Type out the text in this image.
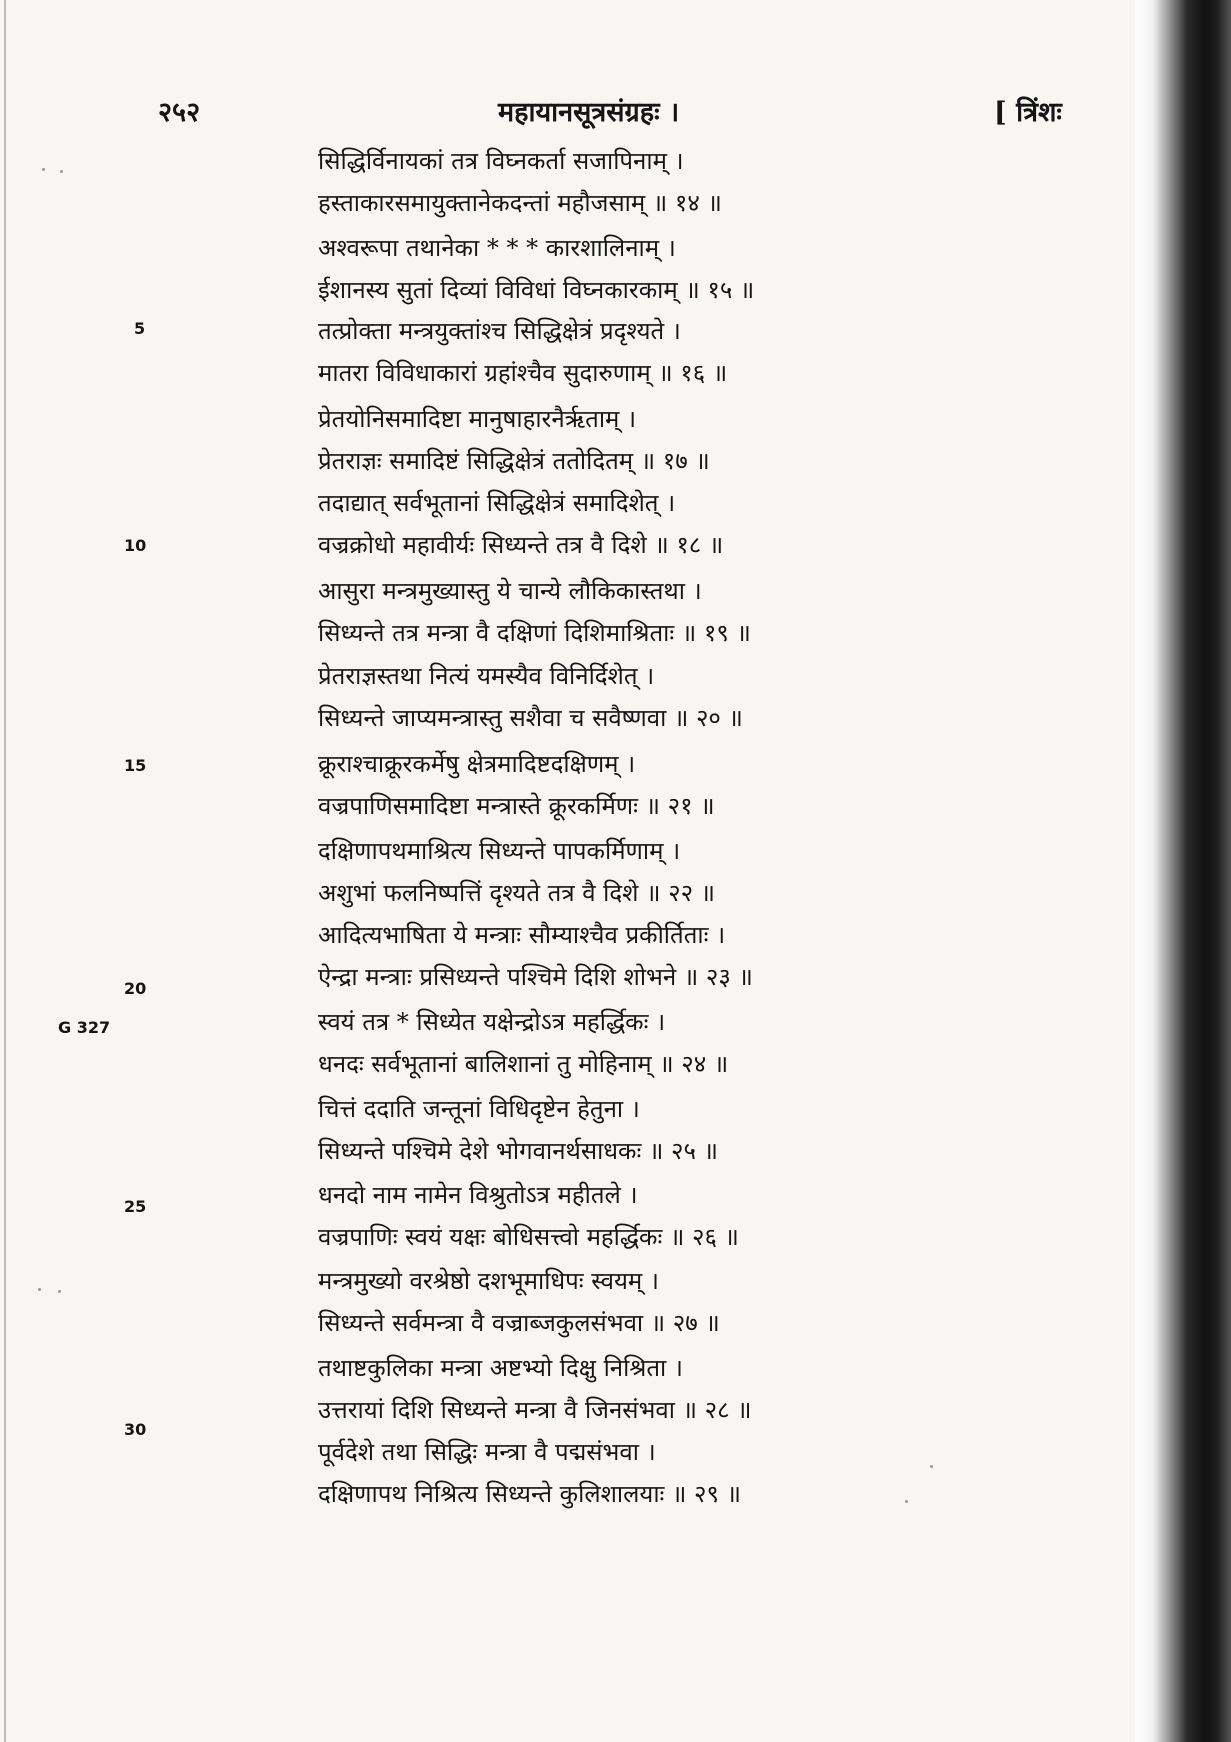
२५२	महायानसूत्रसंग्रहः ।	[ त्रिंशः
5
10
15
20
25
30
G 327
सिद्धिर्विनायकां तत्र विघ्नकर्ता सजापिनाम् ।
हस्ताकारसमायुक्तानेकदन्तां महौजसाम् ॥ १४ ॥
अश्वरूपा तथानेका * * * कारशालिनाम् ।
ईशानस्य सुतां दिव्यां विविधां विघ्नकारकाम् ॥ १५ ॥
तत्प्रोक्ता मन्त्रयुक्तांश्च सिद्धिक्षेत्रं प्रदृश्यते ।
मातरा विविधाकारां ग्रहांश्चैव सुदारुणाम् ॥ १६ ॥
प्रेतयोनिसमादिष्टा मानुषाहारनैर्ऋताम् ।
प्रेतराज्ञः समादिष्टं सिद्धिक्षेत्रं ततोदितम् ॥ १७ ॥
तदाद्यात् सर्वभूतानां सिद्धिक्षेत्रं समादिशेत् ।
वज्रक्रोधो महावीर्यः सिध्यन्ते तत्र वै दिशे ॥ १८ ॥
आसुरा मन्त्रमुख्यास्तु ये चान्ये लौकिकास्तथा ।
सिध्यन्ते तत्र मन्त्रा वै दक्षिणां दिशिमाश्रिताः ॥ १९ ॥
प्रेतराज्ञस्तथा नित्यं यमस्यैव विनिर्दिशेत् ।
सिध्यन्ते जाप्यमन्त्रास्तु सशैवा च सवैष्णवा ॥ २० ॥
क्रूराश्चाक्रूरकर्मेषु क्षेत्रमादिष्टदक्षिणम् ।
वज्रपाणिसमादिष्टा मन्त्रास्ते क्रूरकर्मिणः ॥ २१ ॥
दक्षिणापथमाश्रित्य सिध्यन्ते पापकर्मिणाम् ।
अशुभां फलनिष्पत्तिं दृश्यते तत्र वै दिशे ॥ २२ ॥
आदित्यभाषिता ये मन्त्राः सौम्याश्चैव प्रकीर्तिताः ।
ऐन्द्रा मन्त्राः प्रसिध्यन्ते पश्चिमे दिशि शोभने ॥ २३ ॥
स्वयं तत्र * सिध्येत यक्षेन्द्रोऽत्र महर्द्धिकः ।
धनदः सर्वभूतानां बालिशानां तु मोहिनाम् ॥ २४ ॥
चित्तं ददाति जन्तूनां विधिदृष्टेन हेतुना ।
सिध्यन्ते पश्चिमे देशे भोगवानर्थसाधकः ॥ २५ ॥
धनदो नाम नामेन विश्रुतोऽत्र महीतले ।
वज्रपाणिः स्वयं यक्षः बोधिसत्त्वो महर्द्धिकः ॥ २६ ॥
मन्त्रमुख्यो वरश्रेष्ठो दशभूमाधिपः स्वयम् ।
सिध्यन्ते सर्वमन्त्रा वै वज्राब्जकुलसंभवा ॥ २७ ॥
तथाष्टकुलिका मन्त्रा अष्टभ्यो दिक्षु निश्रिता ।
उत्तरायां दिशि सिध्यन्ते मन्त्रा वै जिनसंभवा ॥ २८ ॥
पूर्वदेशे तथा सिद्धिः मन्त्रा वै पद्मसंभवा ।
दक्षिणापथ निश्रित्य सिध्यन्ते कुलिशालयाः ॥ २९ ॥
